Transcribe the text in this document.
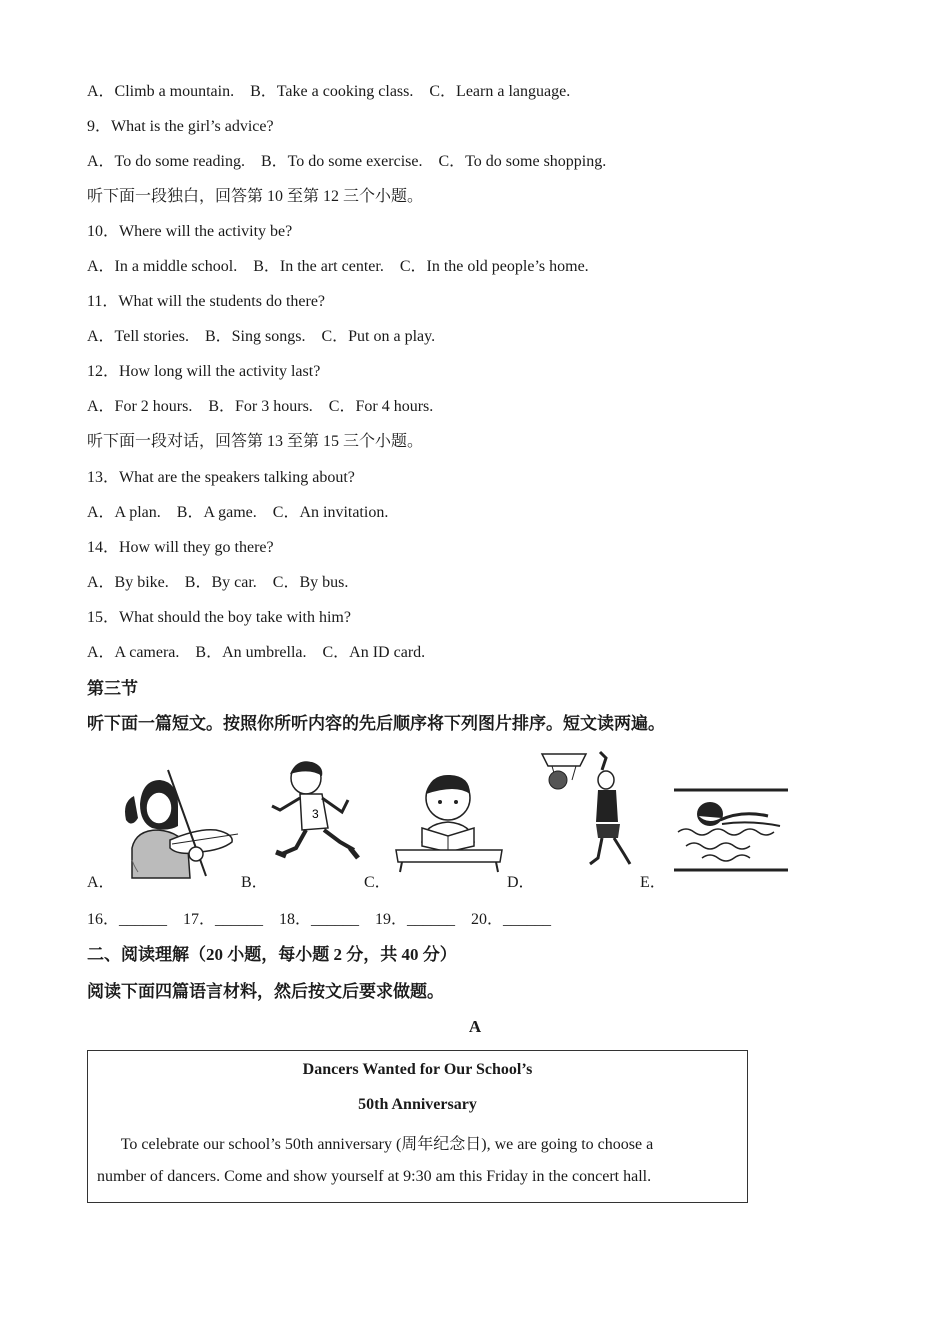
A．Climb a mountain.    B．Take a cooking class.    C．Learn a language.
9．What is the girl’s advice?
A．To do some reading.    B．To do some exercise.    C．To do some shopping.
听下面一段独白，回答第 10 至第 12 三个小题。
10．Where will the activity be?
A．In a middle school.    B．In the art center.    C．In the old people’s home.
11．What will the students do there?
A．Tell stories.    B．Sing songs.    C．Put on a play.
12．How long will the activity last?
A．For 2 hours.    B．For 3 hours.    C．For 4 hours.
听下面一段对话，回答第 13 至第 15 三个小题。
13．What are the speakers talking about?
A．A plan.    B．A game.    C．An invitation.
14．How will they go there?
A．By bike.    B．By car.    C．By bus.
15．What should the boy take with him?
A．A camera.    B．An umbrella.    C．An ID card.
第三节
听下面一篇短文。按照你所听内容的先后顺序将下列图片排序。短文读两遍。
A．
3
B．	C．	D．	E．
16．______    17．______    18．______    19．______    20．______
二、阅读理解（20 小题，每小题 2 分，共 40 分）
阅读下面四篇语言材料，然后按文后要求做题。
A
Dancers Wanted for Our School’s
50th Anniversary
To celebrate our school’s 50th anniversary (周年纪念日), we are going to choose a
number of dancers. Come and show yourself at 9:30 am this Friday in the concert hall.
